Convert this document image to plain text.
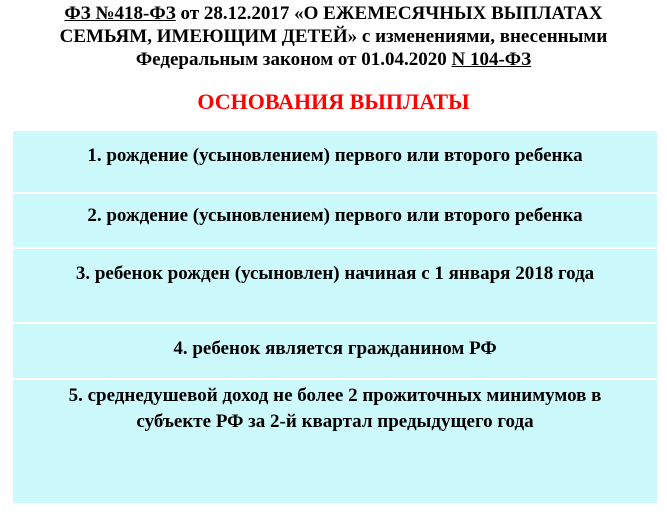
ФЗ №418-ФЗ от 28.12.2017 «О ЕЖЕМЕСЯЧНЫХ ВЫПЛАТАХ
СЕМЬЯМ, ИМЕЮЩИМ ДЕТЕЙ» с изменениями, внесенными
Федеральным законом от 01.04.2020 N 104-ФЗ
ОСНОВАНИЯ ВЫПЛАТЫ
1. рождение (усыновлением) первого или второго ребенка
2. рождение (усыновлением) первого или второго ребенка
3. ребенок рожден (усыновлен) начиная с 1 января 2018 года
4. ребенок является гражданином РФ
5. среднедушевой доход не более 2 прожиточных минимумов в субъекте РФ за 2-й квартал предыдущего года
